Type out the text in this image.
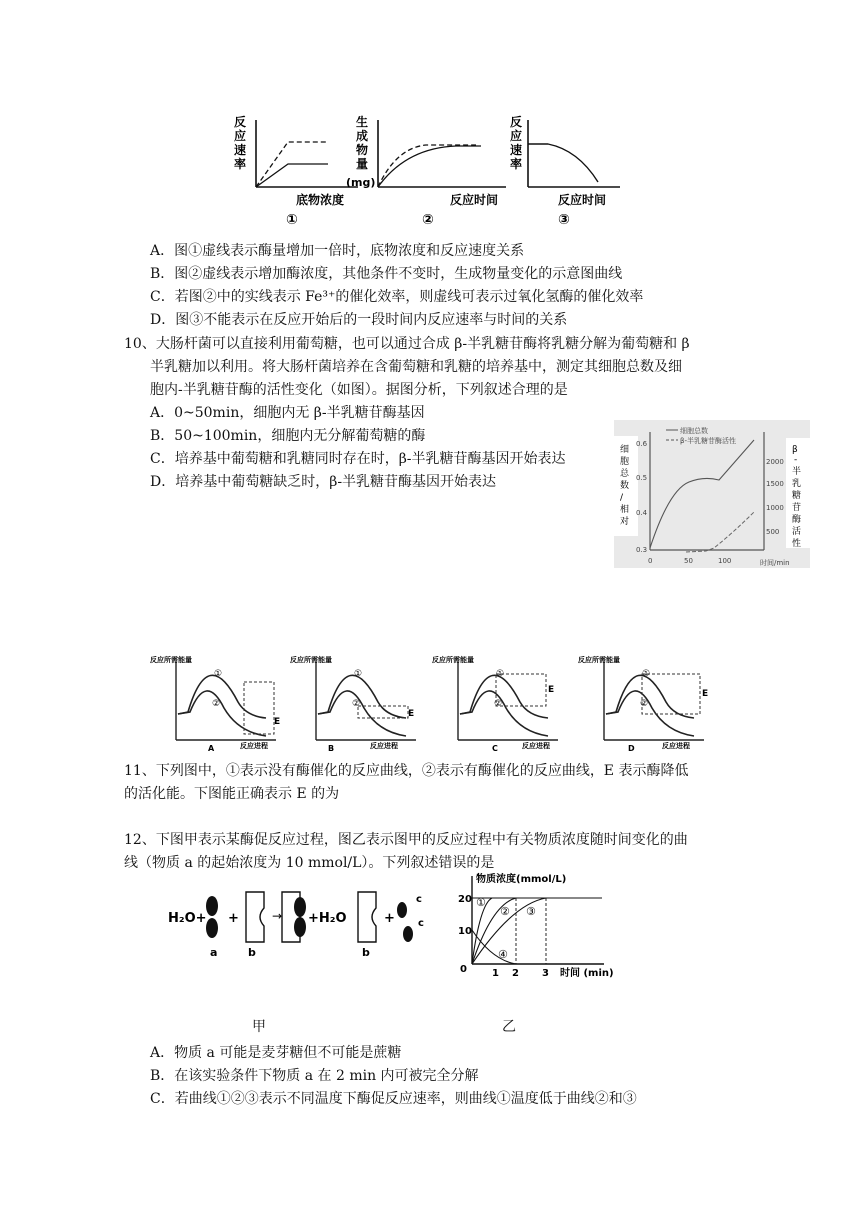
反
应
速
率
底物浓度
①
生
成
物
量
(mg)
反应时间
②
反
应
速
率
反应时间
③
A．图①虚线表示酶量增加一倍时，底物浓度和反应速度关系
B．图②虚线表示增加酶浓度，其他条件不变时，生成物量变化的示意图曲线
C．若图②中的实线表示 Fe³⁺的催化效率，则虚线可表示过氧化氢酶的催化效率
D．图③不能表示在反应开始后的一段时间内反应速率与时间的关系
10、大肠杆菌可以直接利用葡萄糖，也可以通过合成 β-半乳糖苷酶将乳糖分解为葡萄糖和 β
半乳糖加以利用。将大肠杆菌培养在含葡萄糖和乳糖的培养基中，测定其细胞总数及细
胞内-半乳糖苷酶的活性变化（如图）。据图分析，下列叙述合理的是
A．0~50min，细胞内无 β-半乳糖苷酶基因
B．50~100min，细胞内无分解葡萄糖的酶
C．培养基中葡萄糖和乳糖同时存在时，β-半乳糖苷酶基因开始表达
D．培养基中葡萄糖缺乏时，β-半乳糖苷酶基因开始表达
细胞总数
β-半乳糖苷酶活性
0.6
0.5
0.4
0.3
2000
1500
1000
500
0	50	100	时间/min
细
胞
总
数
/
相
对
β
-
半
乳
糖
苷
酶
活
性
反应所需能量
E
①
②
A	反应进程
反应所需能量
E
①
②
B	反应进程
反应所需能量
E
①
②
C	反应进程
反应所需能量
E
①
②
D	反应进程
11、下列图中，①表示没有酶催化的反应曲线，②表示有酶催化的反应曲线，E 表示酶降低
的活化能。下图能正确表示 E 的为
12、下图甲表示某酶促反应过程，图乙表示图甲的反应过程中有关物质浓度随时间变化的曲
线（物质 a 的起始浓度为 10 mmol/L）。下列叙述错误的是
H₂O+ +	→ +H₂O	+
c
c
a	b	b
物质浓度(mmol/L)
20
10
0	1 2 3 时间 (min)
①
② ③
④
甲	乙
A．物质 a 可能是麦芽糖但不可能是蔗糖
B．在该实验条件下物质 a 在 2 min 内可被完全分解
C．若曲线①②③表示不同温度下酶促反应速率，则曲线①温度低于曲线②和③
